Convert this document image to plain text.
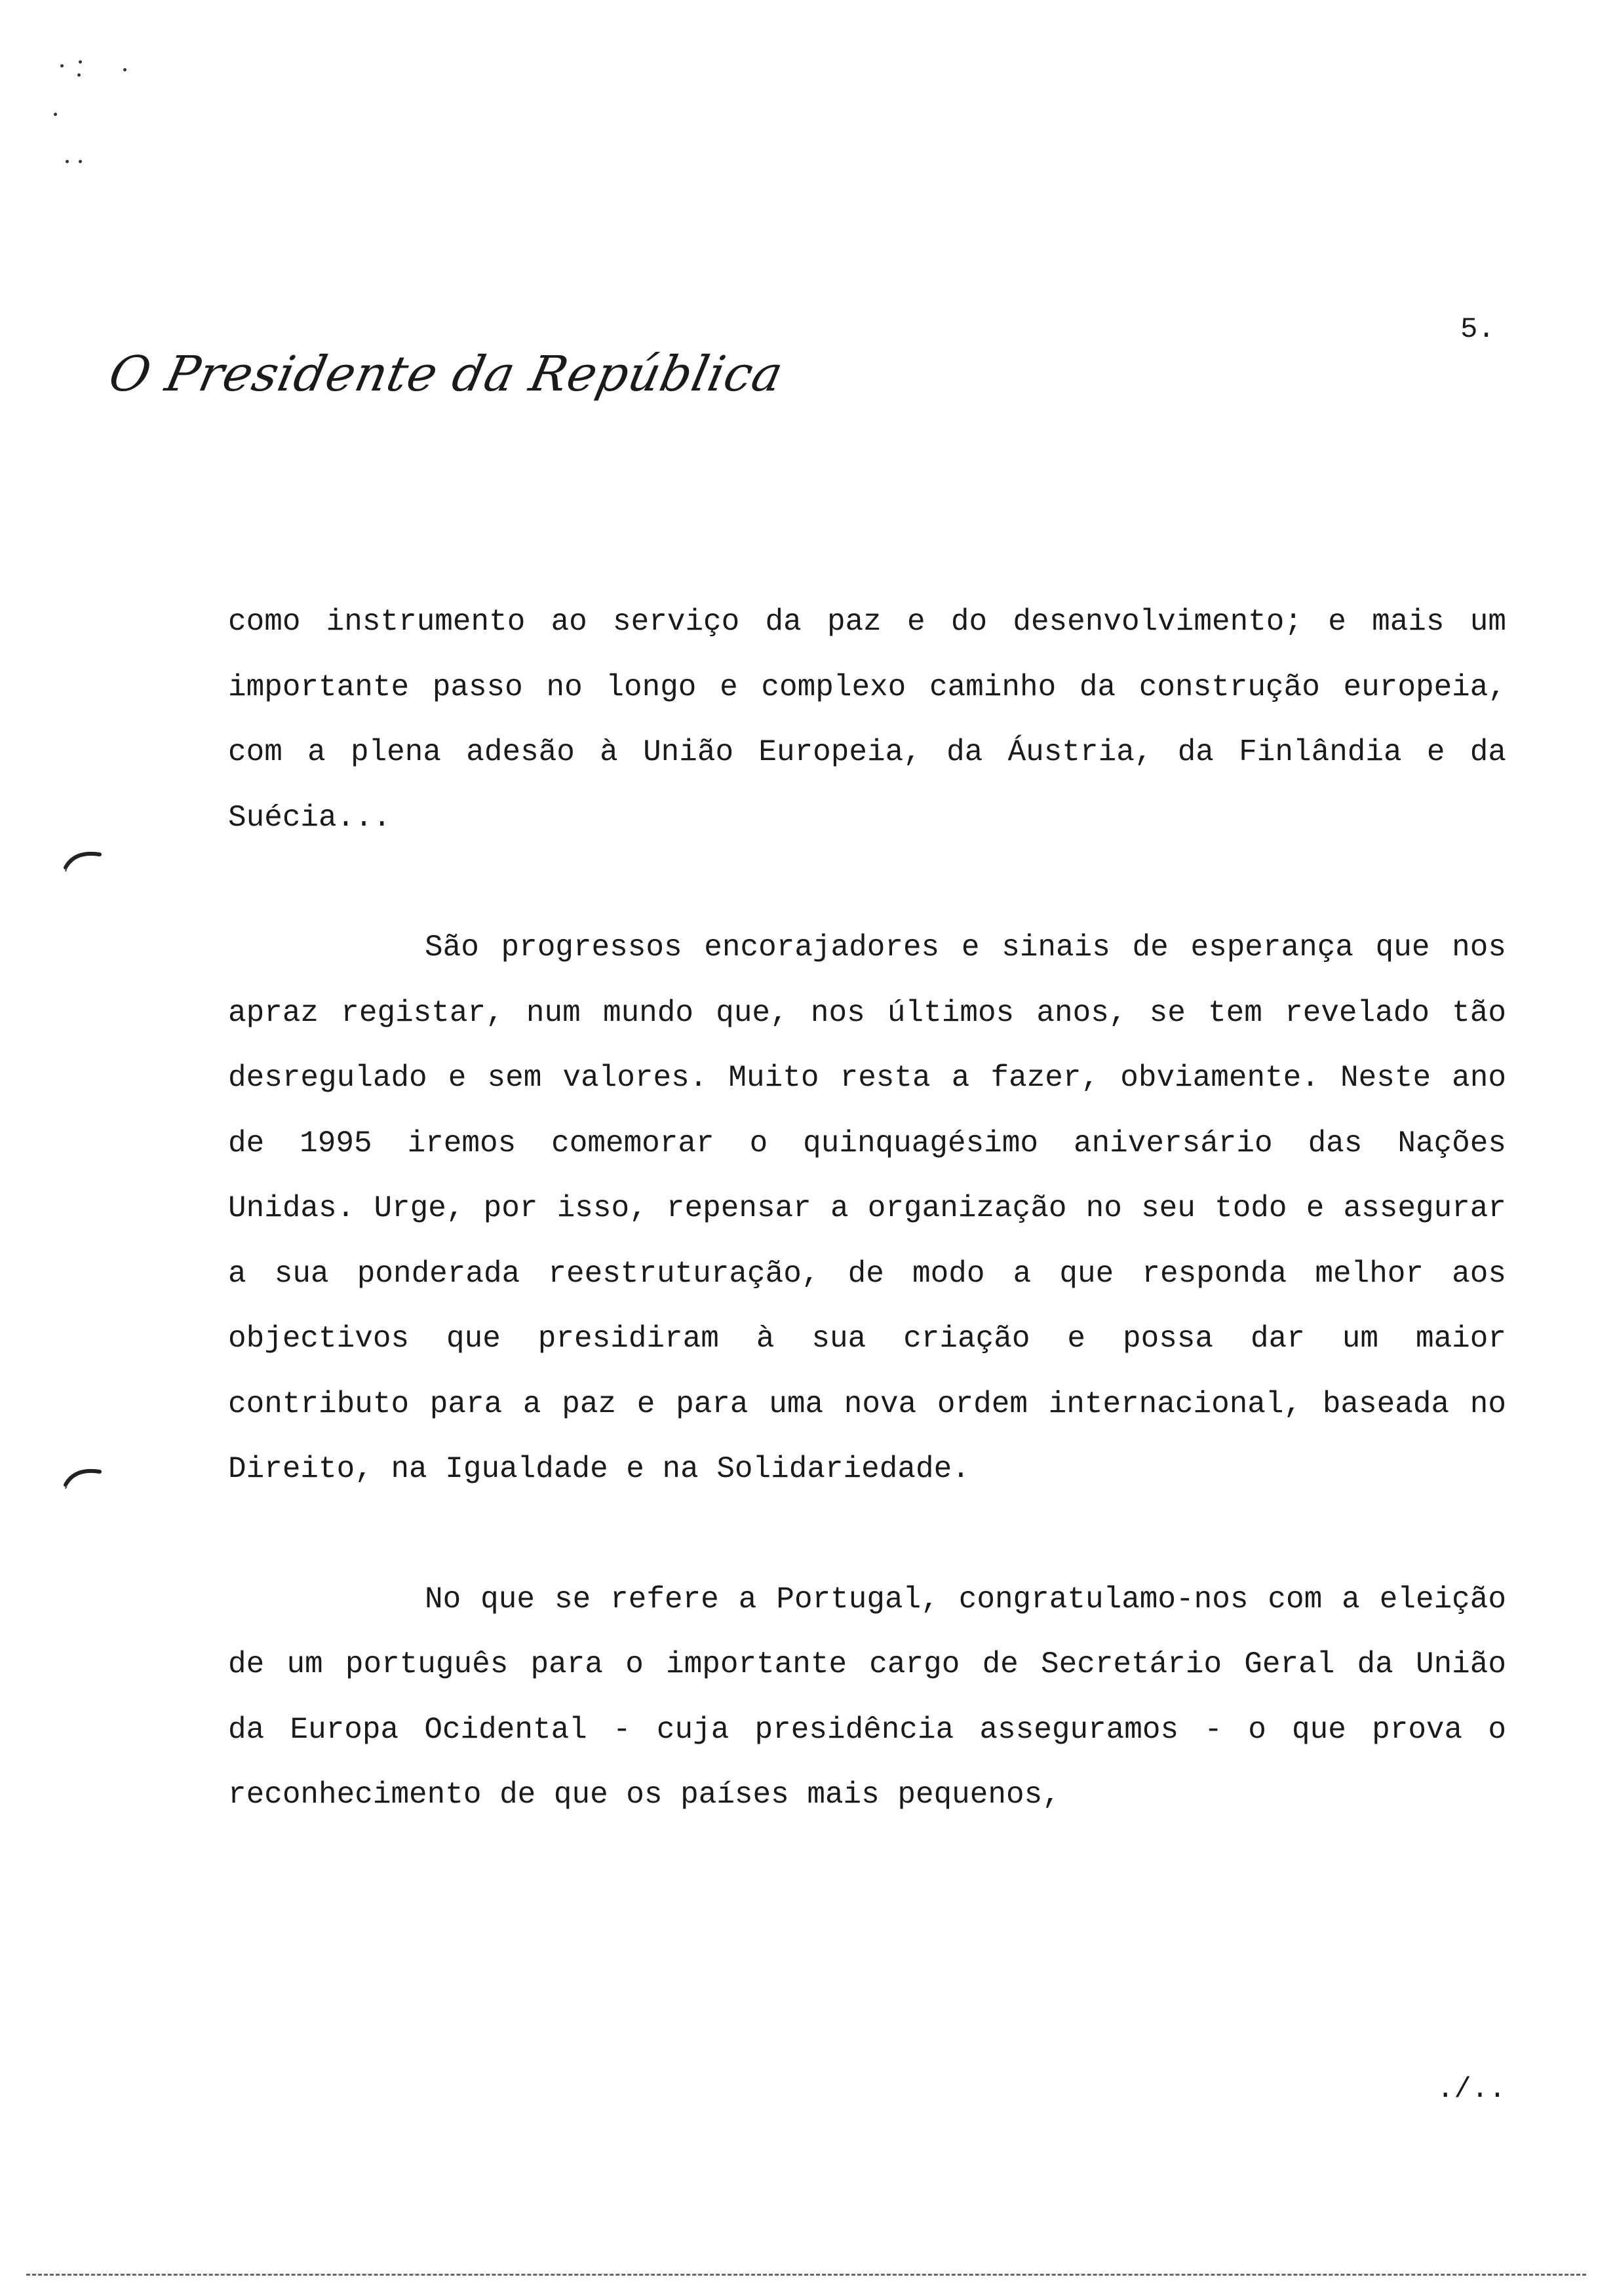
O Presidente da República
5.

como instrumento ao serviço da paz e do desenvolvimento; e mais um importante passo no longo e complexo caminho da construção europeia, com a plena adesão à União Europeia, da Áustria, da Finlândia e da Suécia...

São progressos encorajadores e sinais de esperança que nos apraz registar, num mundo que, nos últimos anos, se tem revelado tão desregulado e sem valores. Muito resta a fazer, obviamente. Neste ano de 1995 iremos comemorar o quinquagésimo aniversário das Nações Unidas. Urge, por isso, repensar a organização no seu todo e assegurar a sua ponderada reestruturação, de modo a que responda melhor aos objectivos que presidiram à sua criação e possa dar um maior contributo para a paz e para uma nova ordem internacional, baseada no Direito, na Igualdade e na Solidariedade.

No que se refere a Portugal, congratulamo-nos com a eleição de um português para o importante cargo de Secretário Geral da União da Europa Ocidental - cuja presidência asseguramos - o que prova o reconhecimento de que os países mais pequenos,

./..
